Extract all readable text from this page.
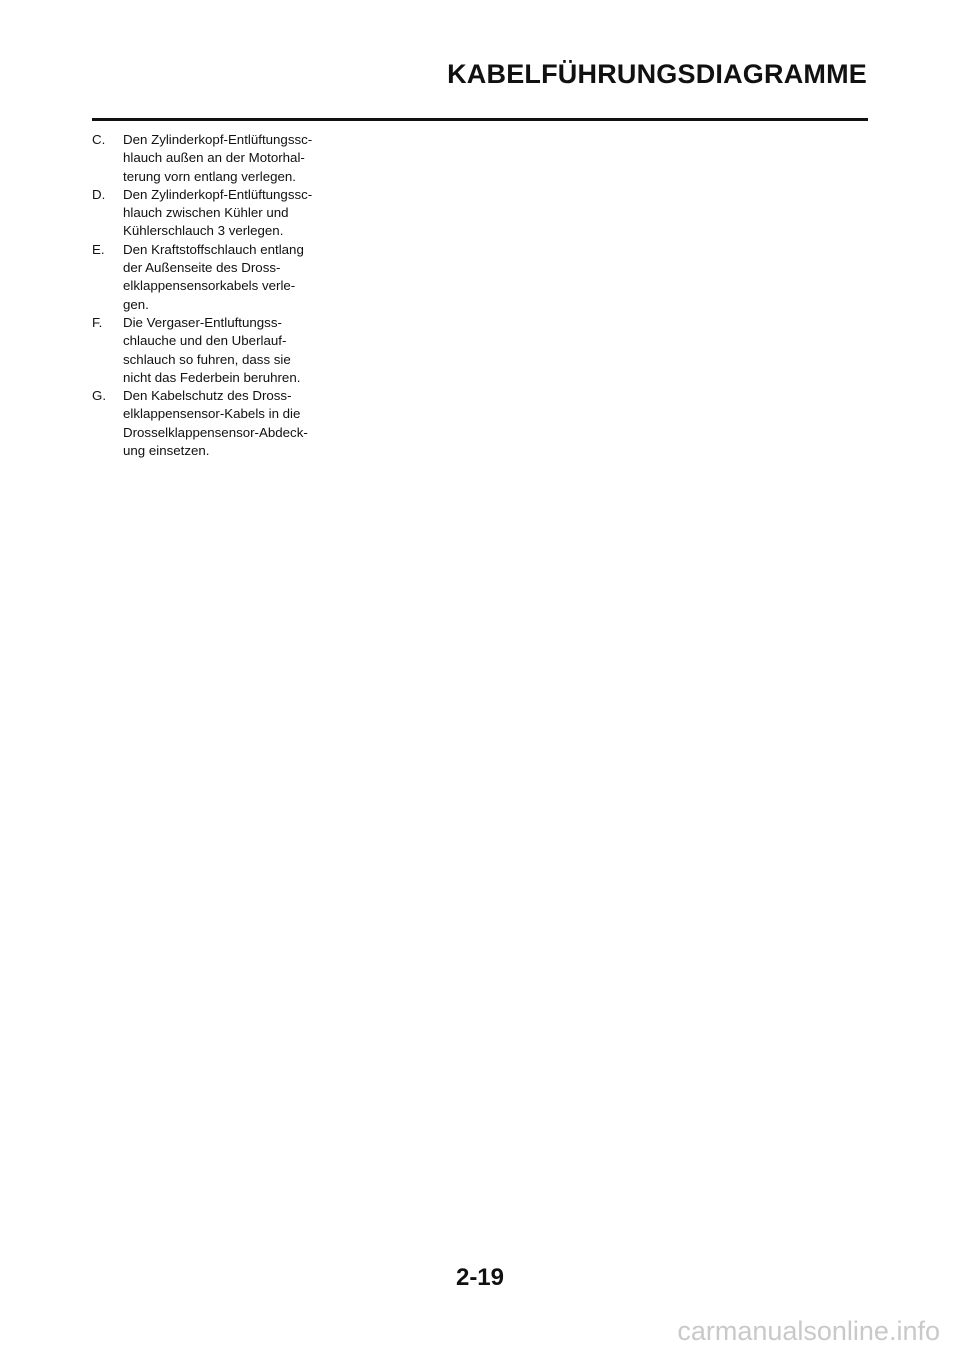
KABELFÜHRUNGSDIAGRAMME
C.	Den Zylinderkopf-Entlüftungssc-
hlauch außen an der Motorhal-
terung vorn entlang verlegen.
D.	Den Zylinderkopf-Entlüftungssc-
hlauch zwischen Kühler und
Kühlerschlauch 3 verlegen.
E.	Den Kraftstoffschlauch entlang
der Außenseite des Dross-
elklappensensorkabels verle-
gen.
F.	Die Vergaser-Entluftungss-
chlauche und den Uberlauf-
schlauch so fuhren, dass sie
nicht das Federbein beruhren.
G.	Den Kabelschutz des Dross-
elklappensensor-Kabels in die
Drosselklappensensor-Abdeck-
ung einsetzen.
2-19
carmanualsonline.info
